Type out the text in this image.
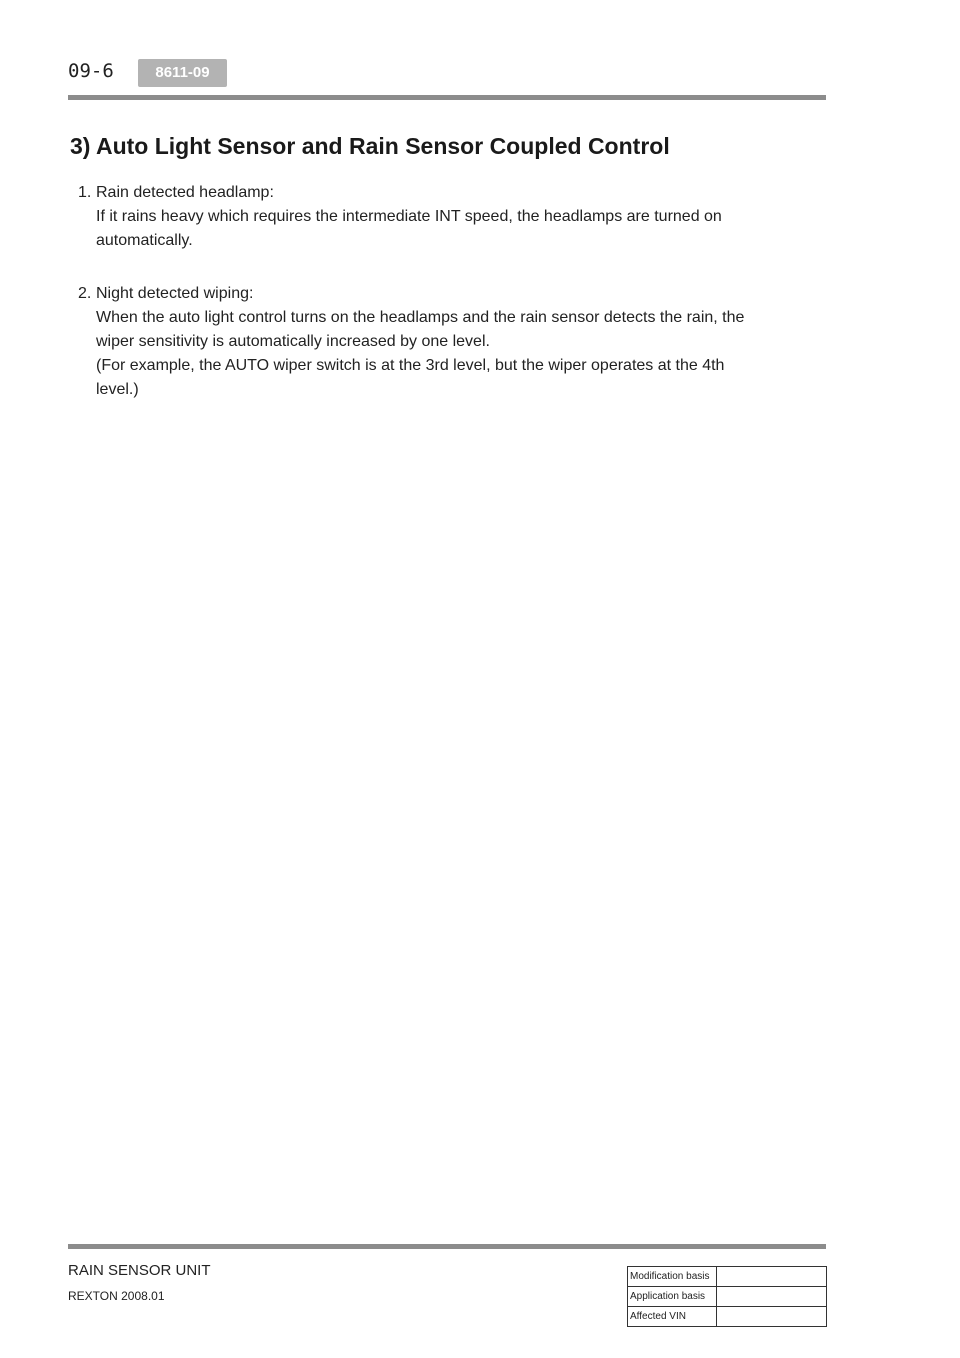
09-6	8611-09
3) Auto Light Sensor and Rain Sensor Coupled Control
1. Rain detected headlamp:
If it rains heavy which requires the intermediate INT speed, the headlamps are turned on
automatically.
2. Night detected wiping:
When the auto light control turns on the headlamps and the rain sensor detects the rain, the
wiper sensitivity is automatically increased by one level.
(For example, the AUTO wiper switch is at the 3rd level, but the wiper operates at the 4th
level.)
RAIN SENSOR UNIT
REXTON 2008.01
Modification basis	
Application basis	
Affected VIN	
